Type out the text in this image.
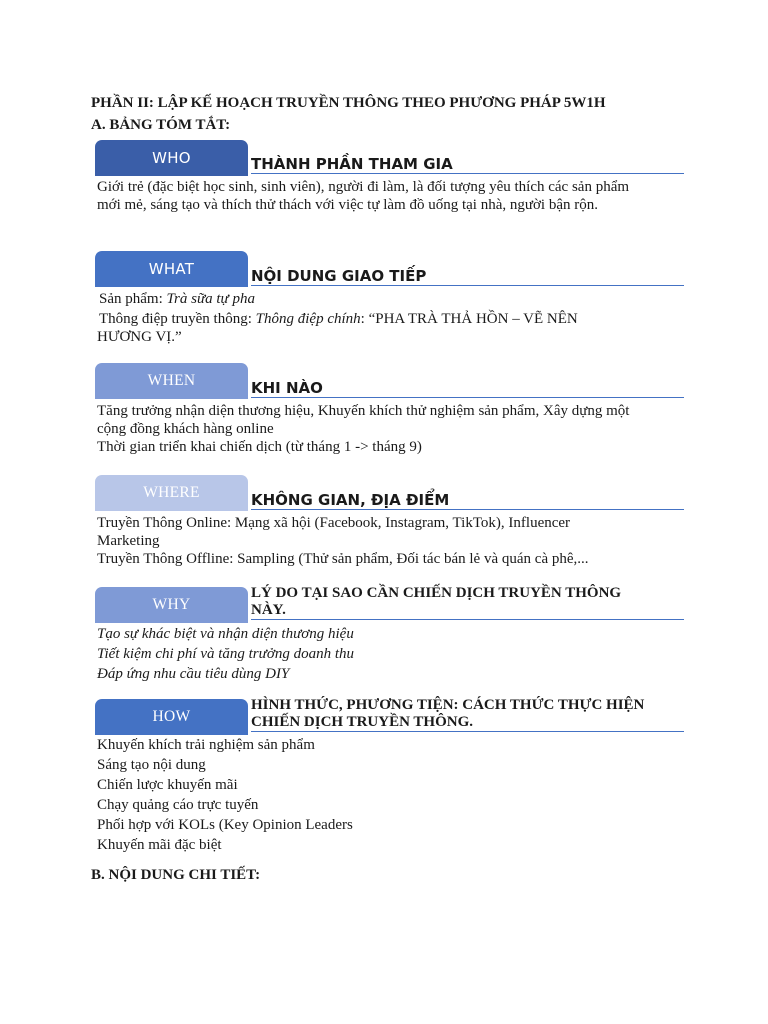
PHẦN II: LẬP KẾ HOẠCH TRUYỀN THÔNG THEO PHƯƠNG PHÁP 5W1H
A. BẢNG TÓM TẮT:
WHO	THÀNH PHẦN THAM GIA
Giới trẻ (đặc biệt học sinh, sinh viên), người đi làm, là đối tượng yêu thích các sản phẩm
mới mẻ, sáng tạo và thích thử thách với việc tự làm đồ uống tại nhà, người bận rộn.
WHAT	NỘI DUNG GIAO TIẾP
Sản phẩm: Trà sữa tự pha
Thông điệp truyền thông: Thông điệp chính: “PHA TRÀ THẢ HỒN – VẼ NÊN
HƯƠNG VỊ.”
WHEN	KHI NÀO
Tăng trưởng nhận diện thương hiệu, Khuyến khích thử nghiệm sản phẩm, Xây dựng một
cộng đồng khách hàng online
Thời gian triển khai chiến dịch (từ tháng 1 -> tháng 9)
WHERE	KHÔNG GIAN, ĐỊA ĐIỂM
Truyền Thông Online: Mạng xã hội (Facebook, Instagram, TikTok), Influencer
Marketing
Truyền Thông Offline: Sampling (Thử sản phẩm, Đối tác bán lẻ và quán cà phê,...
WHY
LÝ DO TẠI SAO CẦN CHIẾN DỊCH TRUYỀN THÔNG
NÀY.
Tạo sự khác biệt và nhận diện thương hiệu
Tiết kiệm chi phí và tăng trưởng doanh thu
Đáp ứng nhu cầu tiêu dùng DIY
HOW
HÌNH THỨC, PHƯƠNG TIỆN: CÁCH THỨC THỰC HIỆN
CHIẾN DỊCH TRUYỀN THÔNG.
Khuyến khích trải nghiệm sản phẩm
Sáng tạo nội dung
Chiến lược khuyến mãi
Chạy quảng cáo trực tuyến
Phối hợp với KOLs (Key Opinion Leaders
Khuyến mãi đặc biệt
B. NỘI DUNG CHI TIẾT:
